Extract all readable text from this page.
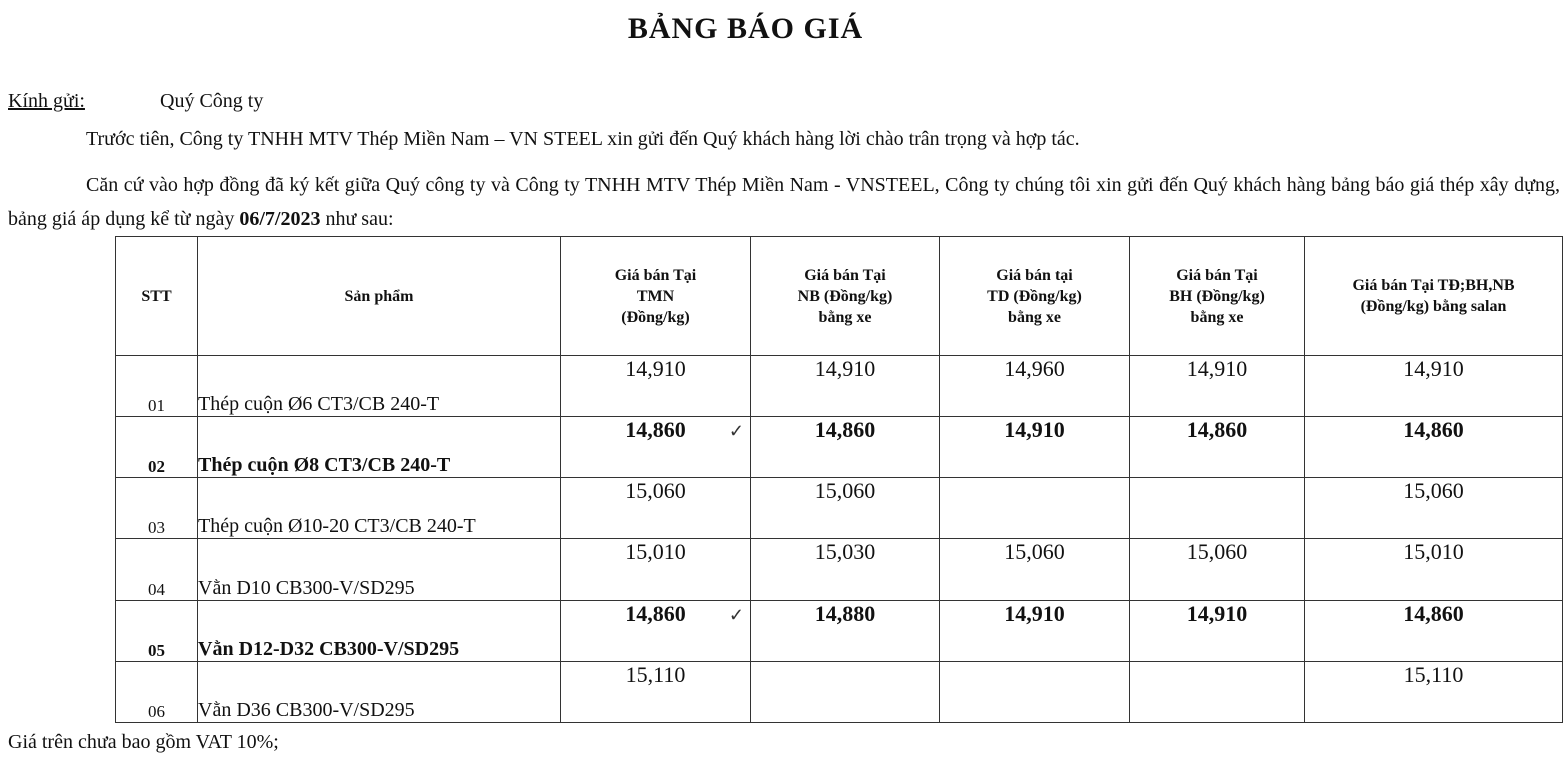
BẢNG BÁO GIÁ
Kính gửi:	Quý Công ty
Trước tiên, Công ty TNHH MTV Thép Miền Nam – VN STEEL xin gửi đến Quý khách hàng lời chào trân trọng và hợp tác.
Căn cứ vào hợp đồng đã ký kết giữa Quý công ty và Công ty TNHH MTV Thép Miền Nam - VNSTEEL, Công ty chúng tôi xin gửi đến Quý khách hàng bảng báo giá thép xây dựng, bảng giá áp dụng kể từ ngày 06/7/2023 như sau:
STT	Sản phẩm	Giá bán Tại TMN (Đồng/kg)	Giá bán Tại NB (Đồng/kg) bằng xe	Giá bán tại TD (Đồng/kg) bằng xe	Giá bán Tại BH (Đồng/kg) bằng xe	Giá bán Tại TĐ;BH,NB (Đồng/kg) bằng salan
01	Thép cuộn Ø6 CT3/CB 240-T	14,910	14,910	14,960	14,910	14,910
02	Thép cuộn Ø8 CT3/CB 240-T	14,860 ✓	14,860	14,910	14,860	14,860
03	Thép cuộn Ø10-20 CT3/CB 240-T	15,060	15,060			15,060
04	Vằn D10 CB300-V/SD295	15,010	15,030	15,060	15,060	15,010
05	Vằn D12-D32 CB300-V/SD295	14,860 ✓	14,880	14,910	14,910	14,860
06	Vằn D36 CB300-V/SD295	15,110				15,110
Giá trên chưa bao gồm VAT 10%;
